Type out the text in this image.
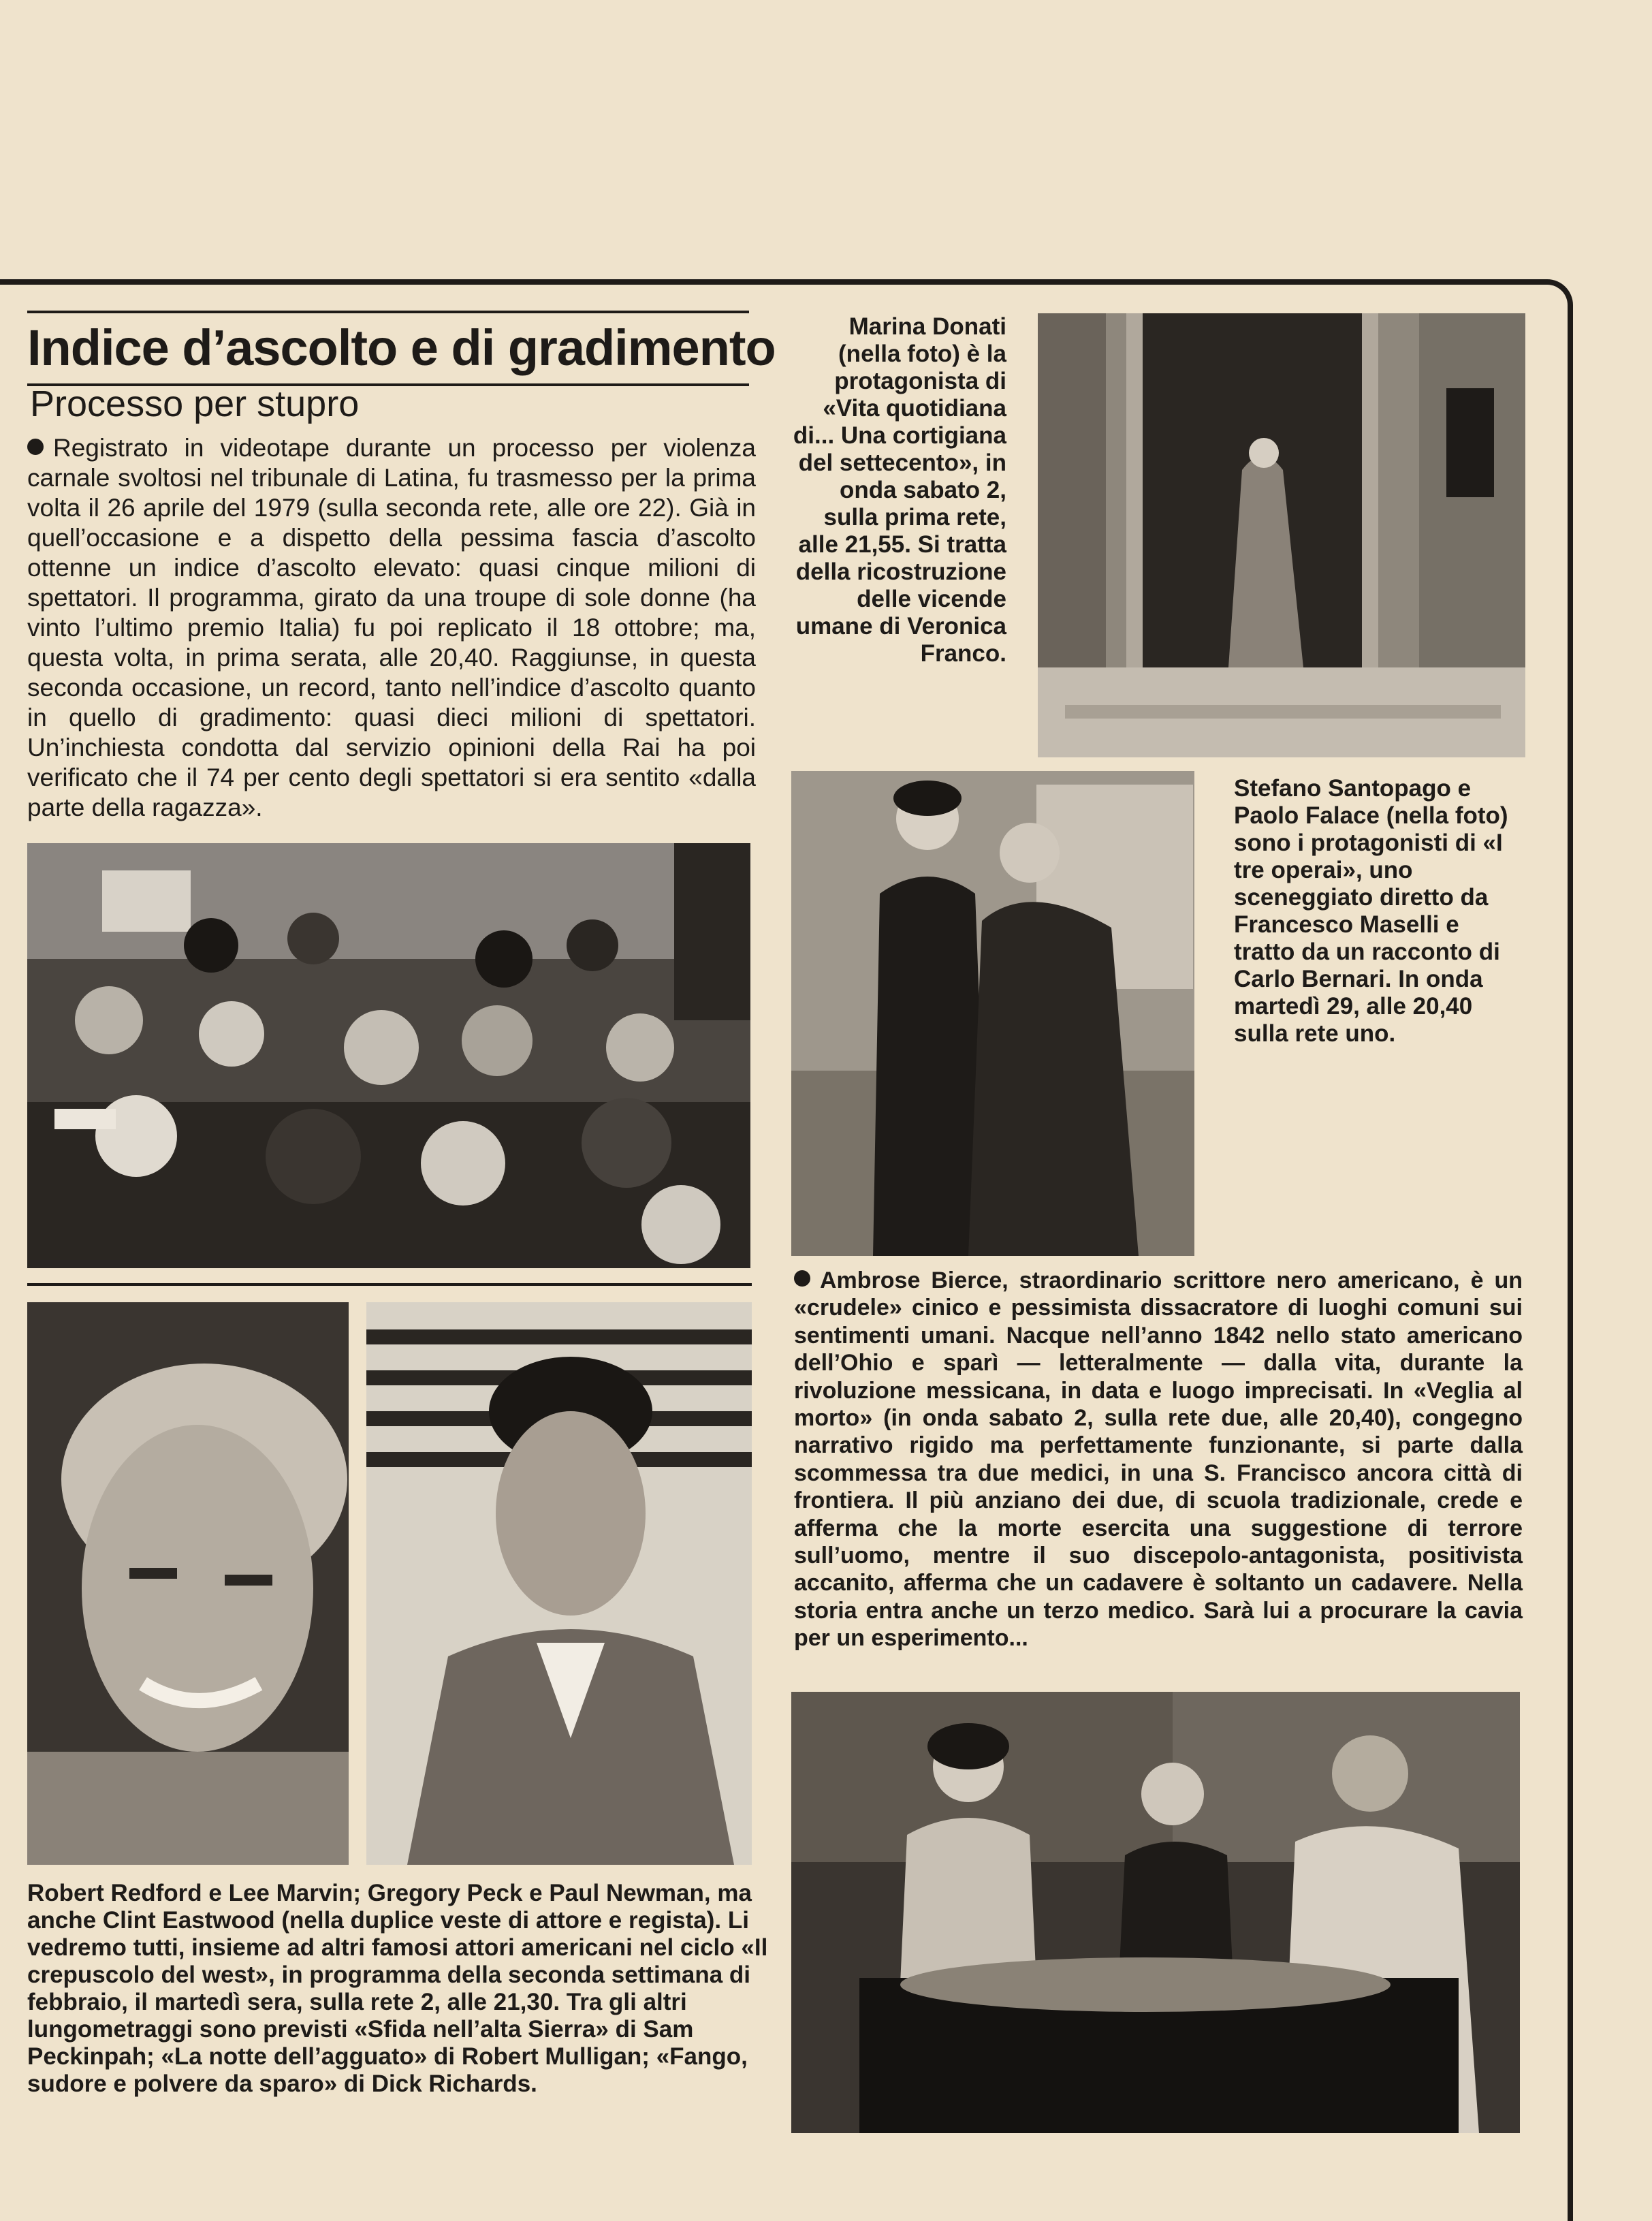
Indice d’ascolto e di gradimento
Processo per stupro
Registrato in videotape durante un processo per violenza carnale svoltosi nel tribunale di Latina, fu trasmesso per la prima volta il 26 aprile del 1979 (sulla seconda rete, alle ore 22). Già in quell’occasione e a dispetto della pessima fascia d’ascolto ottenne un indice d’ascolto elevato: quasi cinque milioni di spettatori. Il programma, girato da una troupe di sole donne (ha vinto l’ultimo premio Italia) fu poi replicato il 18 ottobre; ma, questa volta, in prima serata, alle 20,40. Raggiunse, in questa seconda occasione, un record, tanto nell’indice d’ascolto quanto in quello di gradimento: quasi dieci milioni di spettatori. Un’inchiesta condotta dal servizio opinioni della Rai ha poi verificato che il 74 per cento degli spettatori si era sentito «dalla parte della ragazza».
Robert Redford e Lee Marvin; Gregory Peck e Paul Newman, ma anche Clint Eastwood (nella duplice veste di attore e regista). Li vedremo tutti, insieme ad altri famosi attori americani nel ciclo «Il crepuscolo del west», in programma della seconda settimana di febbraio, il martedì sera, sulla rete 2, alle 21,30. Tra gli altri lungometraggi sono previsti «Sfida nell’alta Sierra» di Sam Peckinpah; «La notte dell’agguato» di Robert Mulligan; «Fango, sudore e polvere da sparo» di Dick Richards.
Marina Donati (nella foto) è la protagonista di «Vita quotidiana di... Una cortigiana del settecento», in onda sabato 2, sulla prima rete, alle 21,55. Si tratta della ricostruzione delle vicende umane di Veronica Franco.
Stefano Santopago e Paolo Falace (nella foto) sono i protagonisti di «I tre operai», uno sceneggiato diretto da Francesco Maselli e tratto da un racconto di Carlo Bernari. In onda martedì 29, alle 20,40 sulla rete uno.
Ambrose Bierce, straordinario scrittore nero americano, è un «crudele» cinico e pessimista dissacratore di luoghi comuni sui sentimenti umani. Nacque nell’anno 1842 nello stato americano dell’Ohio e sparì — letteralmente — dalla vita, durante la rivoluzione messicana, in data e luogo imprecisati. In «Veglia al morto» (in onda sabato 2, sulla rete due, alle 20,40), congegno narrativo rigido ma perfettamente funzionante, si parte dalla scommessa tra due medici, in una S. Francisco ancora città di frontiera. Il più anziano dei due, di scuola tradizionale, crede e afferma che la morte esercita una suggestione di terrore sull’uomo, mentre il suo discepolo-antagonista, positivista accanito, afferma che un cadavere è soltanto un cadavere. Nella storia entra anche un terzo medico. Sarà lui a procurare la cavia per un esperimento...
